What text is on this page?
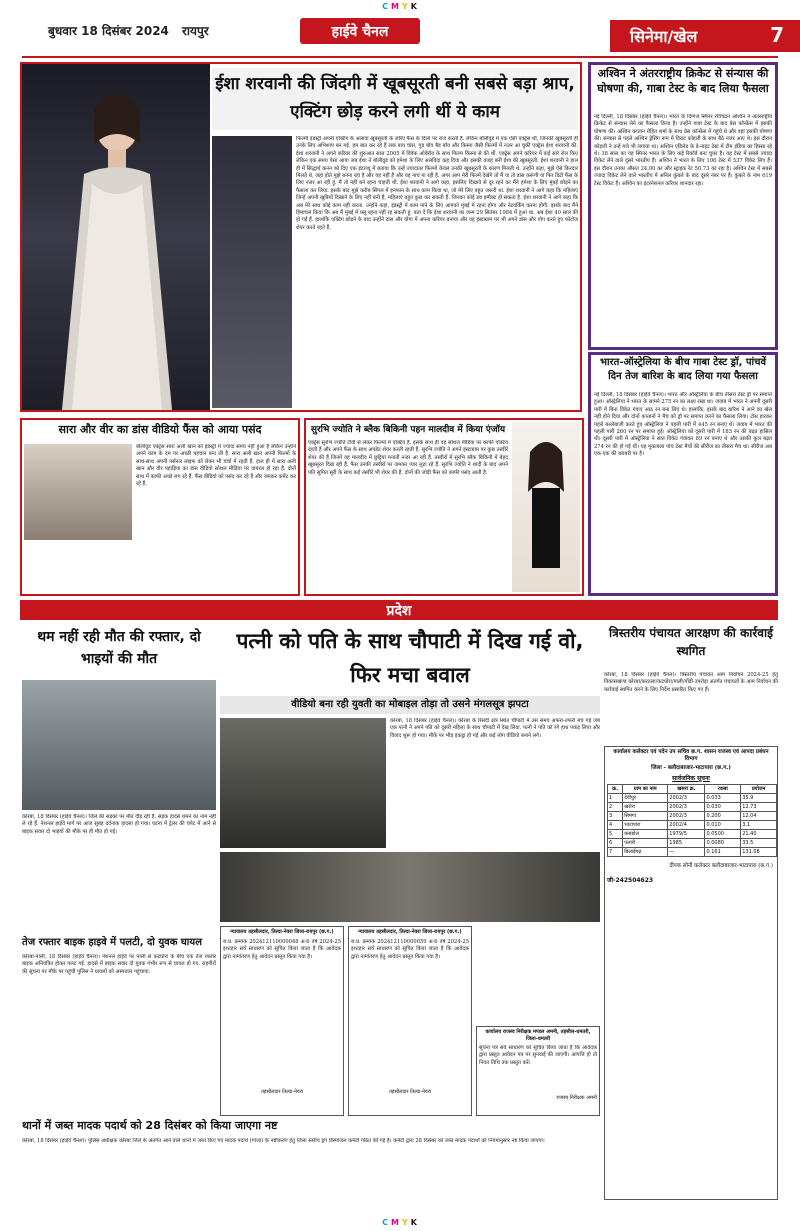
C M Y K
बुधवार 18 दिसंबर 2024 रायपुर	हाईवे चैनल	सिनेमा/खेल	7
ईशा शरवानी की जिंदगी में खूबसूरती बनी सबसे बड़ा श्राप, एक्टिंग छोड़ करने लगी थीं ये काम
फिल्मी इंडस्ट्री अपनी एक्टिंग के अलावा खूबसूरती के जरिए फैंस के दिलों पर राज करती हैं. लेकिन बॉलीवुड में एक ऐसी एक्ट्रेस थीं, जिनकी खूबसूरती ही उनके लिए अभिशाप बन गई. हम बात कर रहे हैं लक बाय चांस, गुड बॉय बैड बॉय और किस्ना जैसी फिल्मों में नजर आ चुकीं एक्ट्रेस ईशा शरवानी की. ईशा शरवानी ने अपने करियर की शुरुआत साल 2005 में विवेक ओबेरॉय के साथ फिल्म किस्ना से की थी. एक्ट्रेस अपने करियर में कई सारे रोल किए लेकिन एक समय ऐसा आया जब ईशा ने बॉलीवुड को हमेशा के लिए अलविदा कह दिया और इसकी वजह बनी ईशा की खूबसूरती. ईशा शरवानी ने हाल ही में सिद्धार्थ कनन को दिए एक इंटरव्यू में बताया कि उन्हें ज्यादातर फिल्मों केवल उनकी खूबसूरती के कारण मिलती थे. उन्होंने कहा, मुझे ऐसे किरदार मिलते थे, जहां होते मुझे बनना रहा है और यह नहीं है और यह नाच गा रही है. अगर आप मेरी फिल्में देखेंगे तो मैं या तो डांस करूंगी या फिर डिटी फैंस के लिए नजर आ रही हूं. मैं तो नहीं बने रहना चाहती थी. ईशा शरवानी ने आगे कहा, इसलिए दिखावे से दूर रहने का मैंने हमेशा के लिए मुंबई छोड़ने का फैसला कर लिया. इसके बाद मुझे करीब सिंगल में इनफान के साथ काम किया था, जो मेरे लिए बहुत जरूरी था. ईशा शरवानी ने आगे कहा कि महिलाएं जिन्हें अपनी खूबियों दिखाने के लिए नहीं बनी हैं, महिलाएं बहुत कुछ कर सकती हैं. जिनका कोई डब इम्पैक्ट हो सकता है. ईशा शरवानी ने आगे कहा कि अब मेरे साथ कोई काम नहीं करता. उन्होंने कहा, इंडस्ट्री में काम पाने के लिए आपको मुंबई में रहना होगा और नेटवर्किंग करना होगी. इसके बाद मैंने हिमाचल किया कि अब मैं मुंबई में फ़्लू रहना नहीं रह सकती हूं. बता दें कि ईशा शरवानी का जन्म 29 सितंबर 1984 में हुआ था. अब ईशा 40 साल की हो गईं हैं. हालांकि एक्टिंग छोड़ने के बाद उन्होंने डांस और योगा में अपना करियर बनाया और वह इंस्टाग्राम पर भी अपने डांस और योग करते हुए फोटोज शेयर करते रहते हैं.
अश्विन ने अंतरराष्ट्रीय क्रिकेट से संन्यास की घोषणा की, गाबा टेस्ट के बाद लिया फैसला
नई दिल्ली, 18 दिसंबर (हाईवे चैनल)। भारत के दिग्गज स्पिनर रविचंद्रन अश्विन ने अंतरराष्ट्रीय क्रिकेट से संन्यास लेने का फैसला किया है। उन्होंने गाबा टेस्ट के बाद प्रेस कॉन्फ्रेंस में इसकी घोषणा की। अश्विन कप्तान रोहित शर्मा के साथ प्रेस कॉन्फ्रेंस में पहुंचे थे और वहां इसकी घोषणा की। संन्यास से पहले अश्विन ड्रेसिंग रूम में विराट कोहली के साथ बैठे नजर आए थे। इस दौरान कोहली ने उन्हें गले भी लगाया था। अश्विन एडिलेड के डे-नाइट टेस्ट में टीम इंडिया का हिस्सा रहे थे। 38 साल का यह स्पिनर भारत के लिए कई रिकॉर्ड बना चुका है। वह टेस्ट में सबसे ज्यादा विकेट लेने वाले दूसरे भारतीय हैं। अश्विन ने भारत के लिए 106 टेस्ट में 537 विकेट लिए हैं। इस दौरान उनका औसत 24.00 का और स्ट्राइक रेट 50.73 का रहा है। अश्विन टेस्ट में सबसे ज्यादा विकेट लेने वाले भारतीय में अनिल कुंबले के बाद दूसरे नंबर पर हैं। कुंबले के नाम 619 टेस्ट विकेट हैं। अश्विन का इंटरनेशनल करियर शानदार रहा।
भारत-ऑस्ट्रेलिया के बीच गाबा टेस्ट ड्रॉ, पांचवें दिन तेज बारिश के बाद लिया गया फैसला
नई दिल्ली, 18 दिसंबर (हाईवे चैनल)। भारत और ऑस्ट्रेलिया के बीच तीसरा टेस्ट ड्रॉ पर समाप्त हुआ। ऑस्ट्रेलिया ने भारत के सामने 275 रन का लक्ष्य रखा था। जवाब में भारत ने अपनी दूसरी पारी में बिना विकेट गंवाए आठ रन बना लिए थे। हालांकि, इसके बाद बारिश ने आने का खेल नहीं होने दिया और दोनों कप्तानों ने मैच को ड्रॉ पर समाप्त करने का फैसला लिया। टॉस हारकर पहले बल्लेबाजी करते हुए ऑस्ट्रेलिया ने पहली पारी में 445 रन बनाए थे। जवाब में भारत की पहली पारी 260 रन पर समाप्त हुई। ऑस्ट्रेलिया को दूसरी पारी में 185 रन की बढ़त हासिल थी। दूसरी पारी में ऑस्ट्रेलिया ने सात विकेट गंवाकर 89 रन बनाए थे और उसकी कुल बढ़त 274 रन की हो गई थी। यह मुकाबला पांच टेस्ट मैचों की सीरीज का तीसरा मैच था। सीरीज अब एक-एक की बराबरी पर है।
सारा और वीर का डांस वीडियो फैंस को आया पसंद
बॉलीवुड एक्ट्रेस सारा अली खान को इंडस्ट्री में ज्यादा समय नहीं हुआ है लेकिन उन्होंने अपने काम के दम पर अच्छी पहचान बना ली है. सारा अली खान अपनी फिल्मों के साथ-साथ अपनी पर्सनल लाइफ को लेकर भी चर्चा में रहती हैं. हाल ही में सारा अली खान और वीर पहाड़िया का डांस वीडियो सोशल मीडिया पर वायरल हो रहा है. दोनों साथ में काफी अच्छे लग रहे हैं. फैंस वीडियो को पसंद कर रहे हैं और जमकर कमेंट कर रहे हैं.
सुरभि ज्योति ने ब्लैक बिकिनी पहन मालदीव में किया एंजॉय
एक्ट्रेस सुरभि ज्योति टीवी से लेकर फिल्मों में एक्टिव हैं. इसके साथ ही वह सोशल मीडिया पर काफी एक्टिव रहती हैं और अपने फैंस के साथ अपडेट शेयर करती रहती हैं. सुरभि ज्योति ने अपने इंस्टाग्राम पर कुछ तस्वीरें शेयर की हैं जिनमें वह मालदीव में छुट्टियां मनाती नजर आ रही हैं. तस्वीरों में सुरभि ब्लैक बिकिनी में बेहद खूबसूरत दिख रही हैं. फैंस उनकी तस्वीरों पर जमकर प्यार लुटा रहे हैं. सुरभि ज्योति ने शादी के बाद अपने पति सुमित सूरी के साथ कई तस्वीरें भी शेयर की हैं. दोनों की जोड़ी फैंस को काफी पसंद आती है.
प्रदेश
थम नहीं रही मौत की रफ्तार, दो भाइयों की मौत
कोरबा, 18 दिसंबर (हाईवे चैनल)। जिले की सड़कों पर मौत दौड़ रही है. सड़क हादसे थमने का नाम नहीं ले रहे हैं. नेशनल हाईवे मार्ग पर आज सुबह दर्दनाक हादसा हो गया। घटना में ट्रेलर की चपेट में आने से बाइक सवार दो भाइयों की मौके पर ही मौत हो गई।
पत्नी को पति के साथ चौपाटी में दिख गई वो, फिर मचा बवाल
वीडियो बना रही युवती का मोबाइल तोड़ा तो उसने मंगलसूत्र झपटा
कोरबा, 18 दिसंबर (हाईवे चैनल)। कोरबा के रिसदी क्षेत्र स्थित चौपाटी में उस समय अफरा-तफरी मच गई जब एक पत्नी ने अपने पति को दूसरी महिला के साथ चौपाटी में देख लिया. पत्नी ने पति को रंगे हाथ पकड़ लिया और विवाद शुरू हो गया। मौके पर भीड़ इकट्ठा हो गई और कई लोग वीडियो बनाने लगे।
त्रिस्तरीय पंचायत आरक्षण की कार्रवाई स्थगित
कोरबा, 18 दिसंबर (हाईवे चैनल)। त्रिस्तरीय पंचायत आम निर्वाचन 2024-25 हेतु विकासखण्ड कोरबा/करतला/कटघोरा/पाली/पोंडी-उपरोड़ा अंतर्गत पंचायतों के आम निर्वाचन की कार्रवाई स्थगित करने के लिए निर्देश प्रसारित किए गए हैं।
कार्यालय कलेक्टर एवं पदेन उप सचिव छ.ग. शासन राजस्व एवं आपदा प्रबंधन विभाग
जिला - बलौदाबाजार-भाटापारा (छ.ग.)
सार्वजनिक सूचना
क्र.	ग्राम का नाम	खसरा क्र.	रकबा	प्रयोजन
1	देवीपुर	2002/3	0.033	35.9
2	खरोरा	2002/3	0.030	12.73
3	सिमगा	2002/3	0.200	12.04
4	भाटापारा	2002/4	0.010	3.1
5	कसडोल	1979/5	0.0500	21.40
6	पलारी	1985	0.0080	33.5
7	बिलाईगढ़	—	0.161	131.08
दीपक सोनी कलेक्टर बलौदाबाजार-भाटापारा (छ.ग.)
जी-242504623
तेज रफ्तार बाइक हाइवे में पलटी, दो युवक घायल
कोरबा-पाली, 18 दिसंबर (हाईवे चैनल)। नेशनल हाईवे पर पाली से कटघोरा के बीच एक तेज रफ्तार बाइक अनियंत्रित होकर पलट गई. हादसे में बाइक सवार दो युवक गंभीर रूप से घायल हो गए. राहगीरों की सूचना पर मौके पर पहुंची पुलिस ने घायलों को अस्पताल पहुंचाया.
न्यायालय तहसीलदार, तिल्दा-नेवरा जिला-रायपुर (छ.ग.)
रा.प्र. क्रमांक 202412110000048 अ-6 वर्ष 2024-25 इश्तहार सर्व साधारण को सूचित किया जाता है कि आवेदक द्वारा नामांतरण हेतु आवेदन प्रस्तुत किया गया है।
तहसीलदार तिल्दा-नेवरा
न्यायालय तहसीलदार, तिल्दा-नेवरा जिला-रायपुर (छ.ग.)
रा.प्र. क्रमांक 202412110000059 अ-6 वर्ष 2024-25 इश्तहार सर्व साधारण को सूचित किया जाता है कि आवेदक द्वारा नामांतरण हेतु आवेदन प्रस्तुत किया गया है।
तहसीलदार तिल्दा-नेवरा
कार्यालय राजस्व निरीक्षक मण्डल अमनी, तहसील-धमतरी, जिला-धमतरी
सूचना पत्र सर्व साधारण को सूचित किया जाता है कि आवेदक द्वारा प्रस्तुत आवेदन पत्र पर सुनवाई की जाएगी। आपत्ति हो तो नियत तिथि तक प्रस्तुत करें।
राजस्व निरीक्षक अमनी
थानों में जब्त मादक पदार्थ को 28 दिसंबर को किया जाएगा नष्ट
कोरबा, 18 दिसंबर (हाईवे चैनल)। पुलिस अधीक्षक कोरबा जिले के अंतर्गत आने वाले थानों में जब्त किए गए मादक पदार्थ (गांजा) के नष्टीकरण हेतु जिला स्तरीय ड्रग डिस्पोजल कमेटी गठित की गई है। कमेटी द्वारा 28 दिसंबर को जब्त मादक पदार्थों को नियमानुसार नष्ट किया जाएगा।
C M Y K
